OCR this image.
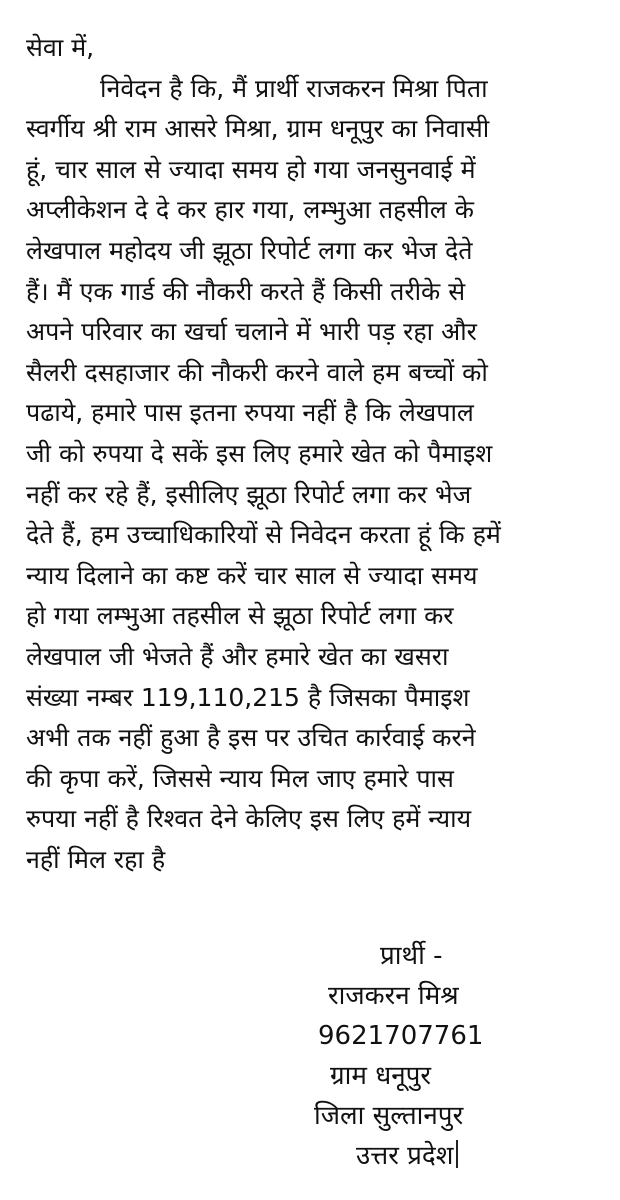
सेवा में,
निवेदन है कि, मैं प्रार्थी राजकरन मिश्रा पिता
स्वर्गीय श्री राम आसरे मिश्रा, ग्राम धनूपुर का निवासी
हूं, चार साल से ज्यादा समय हो गया जनसुनवाई में
अप्लीकेशन दे दे कर हार गया, लम्भुआ तहसील के
लेखपाल महोदय जी झूठा रिपोर्ट लगा कर भेज देते
हैं। मैं एक गार्ड की नौकरी करते हैं किसी तरीके से
अपने परिवार का खर्चा चलाने में भारी पड़ रहा और
सैलरी दसहाजार की नौकरी करने वाले हम बच्चों को
पढाये, हमारे पास इतना रुपया नहीं है कि लेखपाल
जी को रुपया दे सकें इस लिए हमारे खेत को पैमाइश
नहीं कर रहे हैं, इसीलिए झूठा रिपोर्ट लगा कर भेज
देते हैं, हम उच्चाधिकारियों से निवेदन करता हूं कि हमें
न्याय दिलाने का कष्ट करें चार साल से ज्यादा समय
हो गया लम्भुआ तहसील से झूठा रिपोर्ट लगा कर
लेखपाल जी भेजते हैं और हमारे खेत का खसरा
संख्या नम्बर 119,110,215 है जिसका पैमाइश
अभी तक नहीं हुआ है इस पर उचित कार्रवाई करने
की कृपा करें, जिससे न्याय मिल जाए हमारे पास
रुपया नहीं है रिश्वत देने केलिए इस लिए हमें न्याय
नहीं मिल रहा है
प्रार्थी -
राजकरन मिश्र
9621707761
ग्राम धनूपुर
जिला सुल्तानपुर
उत्तर प्रदेश
